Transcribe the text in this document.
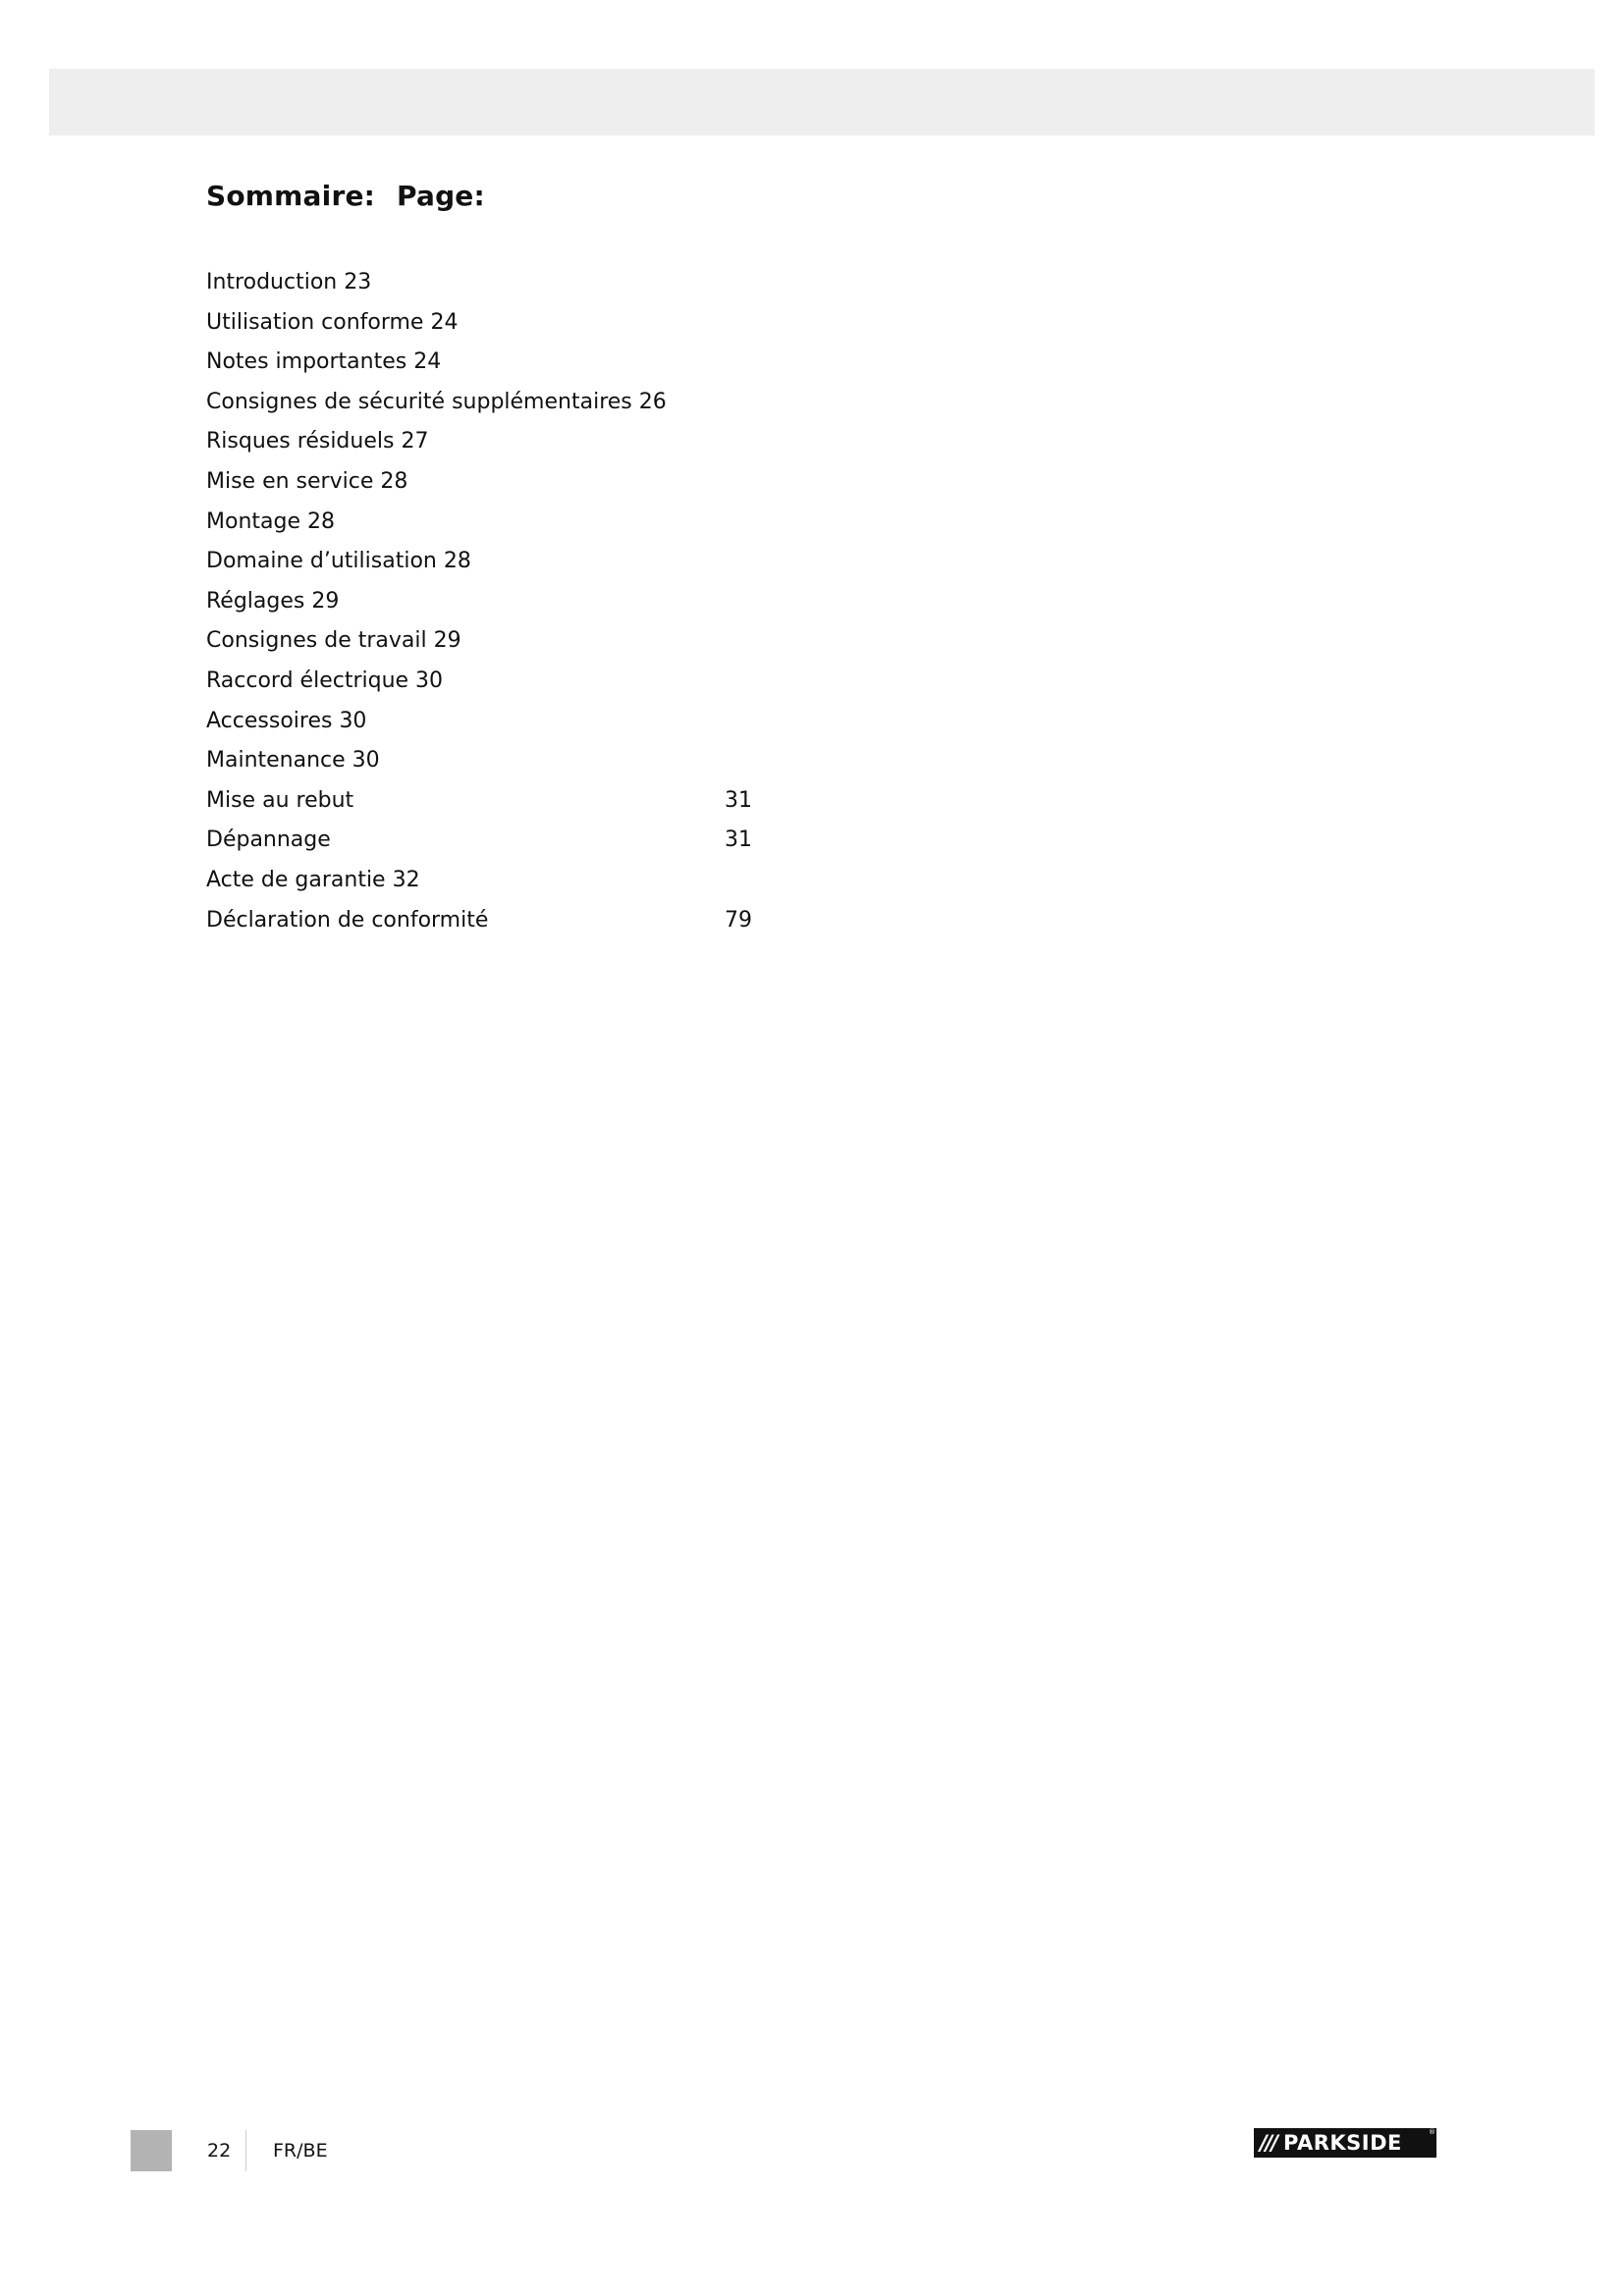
Sommaire: Page:
Introduction 23
Utilisation conforme 24
Notes importantes 24
Consignes de sécurité supplémentaires 26
Risques résiduels 27
Mise en service 28
Montage 28
Domaine d’utilisation 28
Réglages 29
Consignes de travail 29
Raccord électrique 30
Accessoires 30
Maintenance 30
Mise au rebut	31
Dépannage	31
Acte de garantie 32
Déclaration de conformité	79
22 FR/BE	/// PARKSIDE	®
